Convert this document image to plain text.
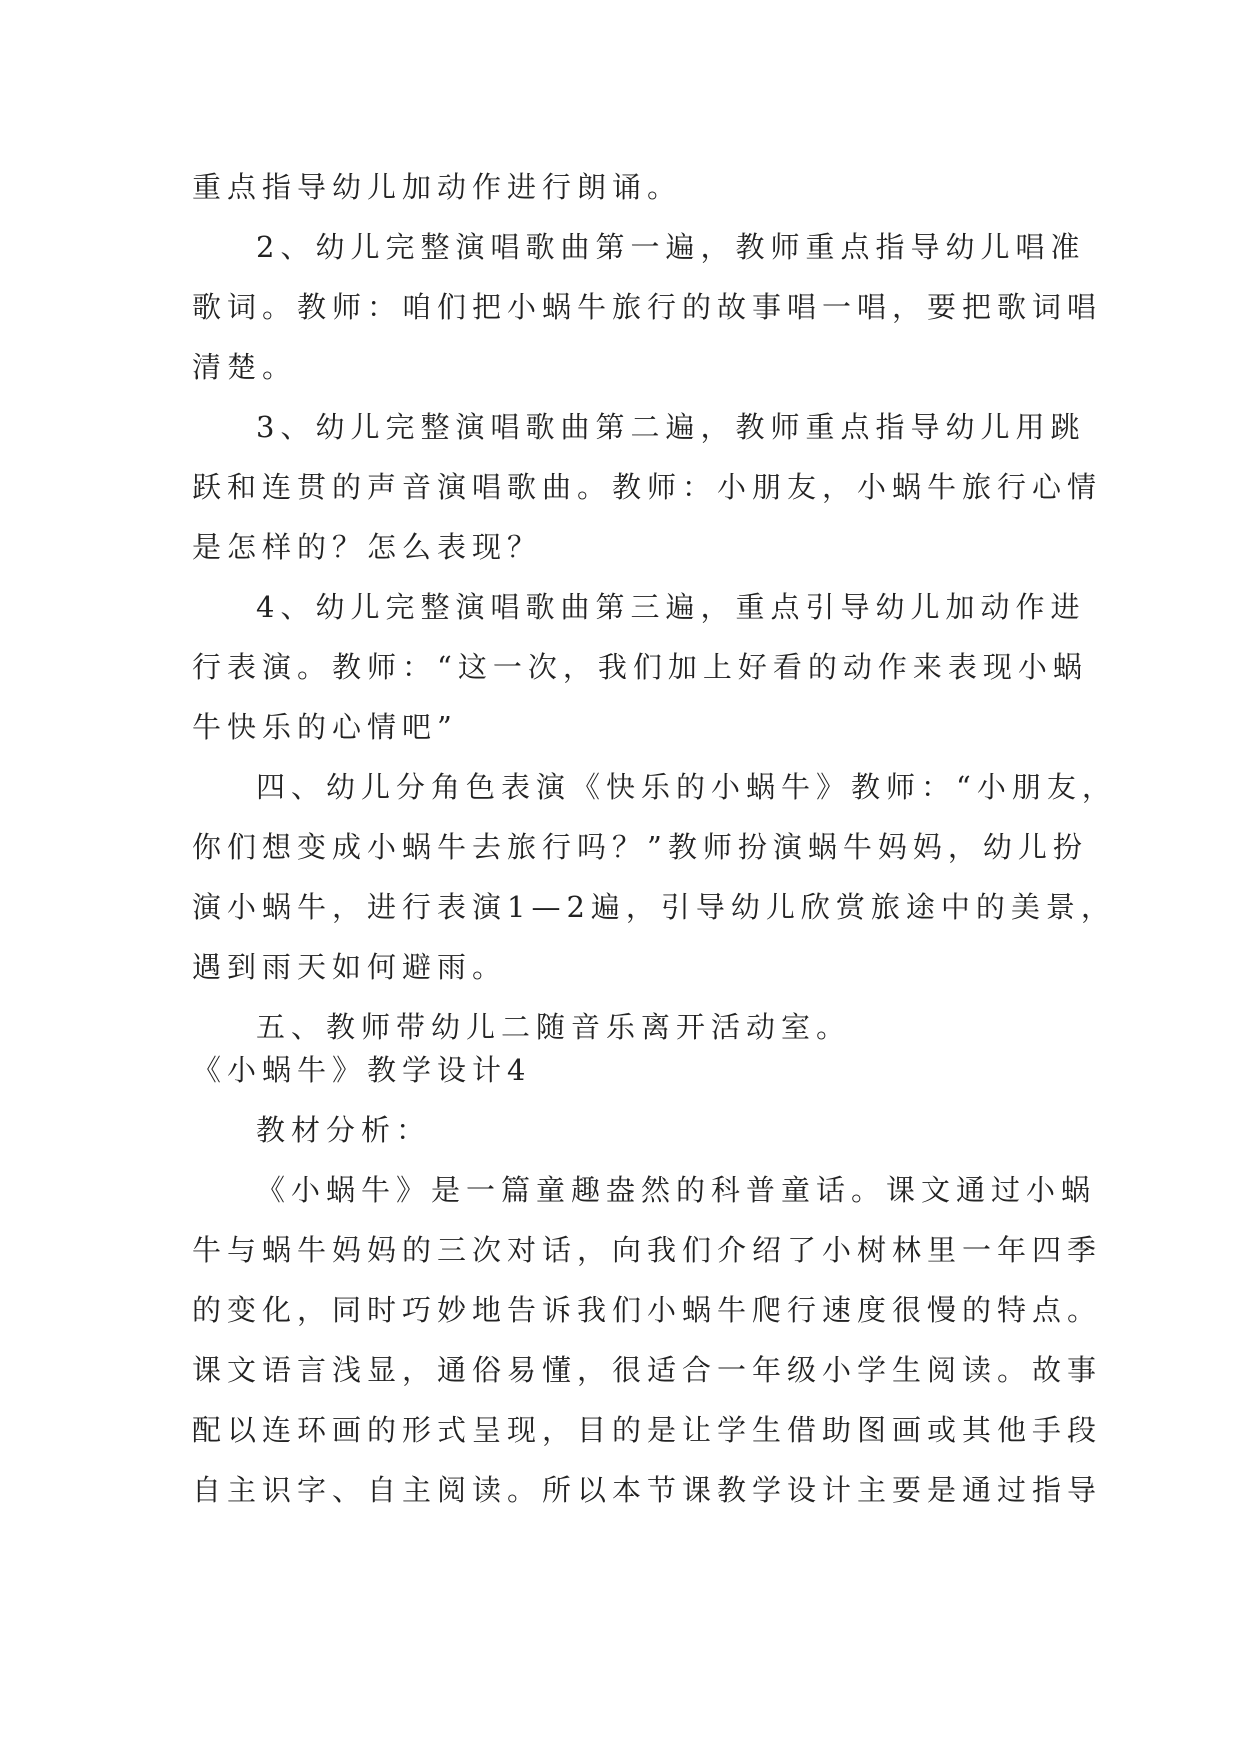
重点指导幼儿加动作进行朗诵。
2、幼儿完整演唱歌曲第一遍，教师重点指导幼儿唱准
歌词。教师：咱们把小蜗牛旅行的故事唱一唱，要把歌词唱
清楚。
3、幼儿完整演唱歌曲第二遍，教师重点指导幼儿用跳
跃和连贯的声音演唱歌曲。教师：小朋友，小蜗牛旅行心情
是怎样的？怎么表现？
4、幼儿完整演唱歌曲第三遍，重点引导幼儿加动作进
行表演。教师：“这一次，我们加上好看的动作来表现小蜗
牛快乐的心情吧”
四、幼儿分角色表演《快乐的小蜗牛》教师：“小朋友，
你们想变成小蜗牛去旅行吗？”教师扮演蜗牛妈妈，幼儿扮
演小蜗牛，进行表演1—2遍，引导幼儿欣赏旅途中的美景，
遇到雨天如何避雨。
五、教师带幼儿二随音乐离开活动室。
《小蜗牛》教学设计4
教材分析：
《小蜗牛》是一篇童趣盎然的科普童话。课文通过小蜗
牛与蜗牛妈妈的三次对话，向我们介绍了小树林里一年四季
的变化，同时巧妙地告诉我们小蜗牛爬行速度很慢的特点。
课文语言浅显，通俗易懂，很适合一年级小学生阅读。故事
配以连环画的形式呈现，目的是让学生借助图画或其他手段
自主识字、自主阅读。所以本节课教学设计主要是通过指导
